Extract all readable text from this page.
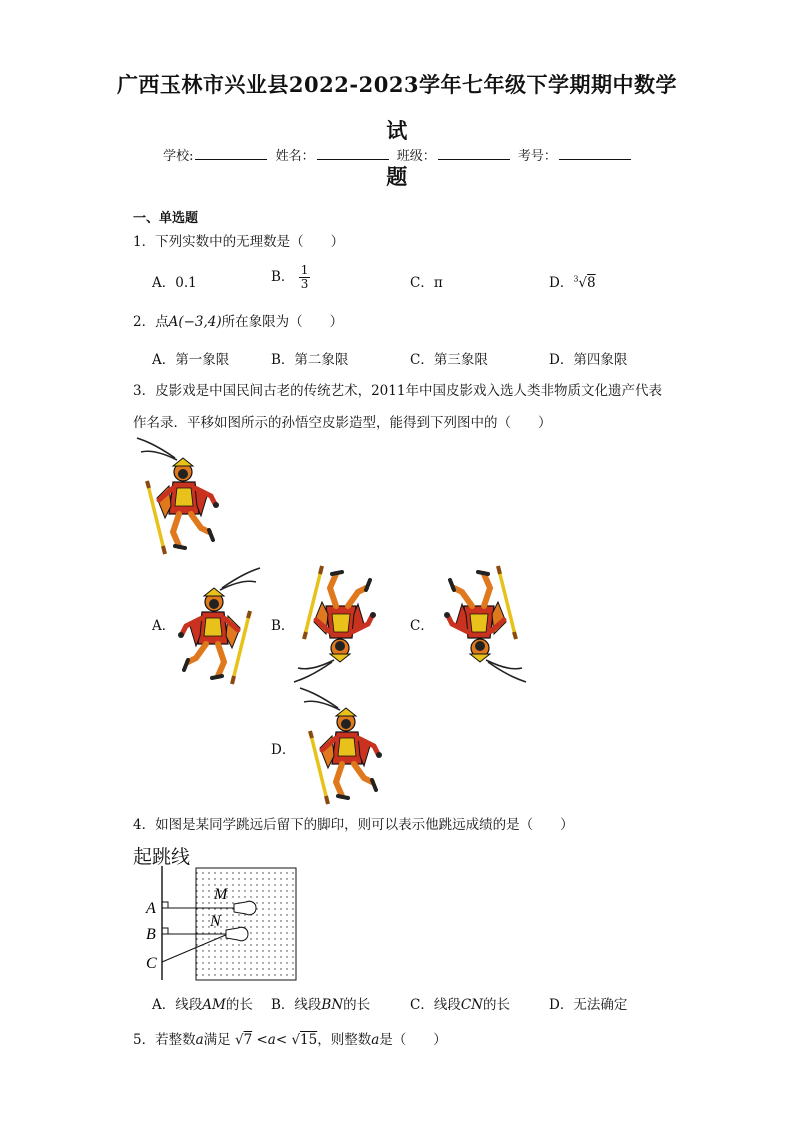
广西玉林市兴业县2022-2023学年七年级下学期期中数学试
题
学校:	姓名：	班级：	考号：
一、单选题
1．下列实数中的无理数是（　　）
A．0.1	B． $\frac{1}{3}$	C．π	D．$^3$√8
2．点A(−3,4)所在象限为（　　）
A．第一象限	B．第二象限	C．第三象限	D．第四象限
3．皮影戏是中国民间古老的传统艺术，2011年中国皮影戏入选人类非物质文化遗产代表作名录．平移如图所示的孙悟空皮影造型，能得到下列图中的（　　）
A．	B．	C．
D．
4．如图是某同学跳远后留下的脚印，则可以表示他跳远成绩的是（　　）
起跳线
A
B
C
M
N
A．线段AM的长 B．线段BN的长	C．线段CN的长	D．无法确定
5．若整数a满足 √7 <a< √15，则整数a是（　　）
